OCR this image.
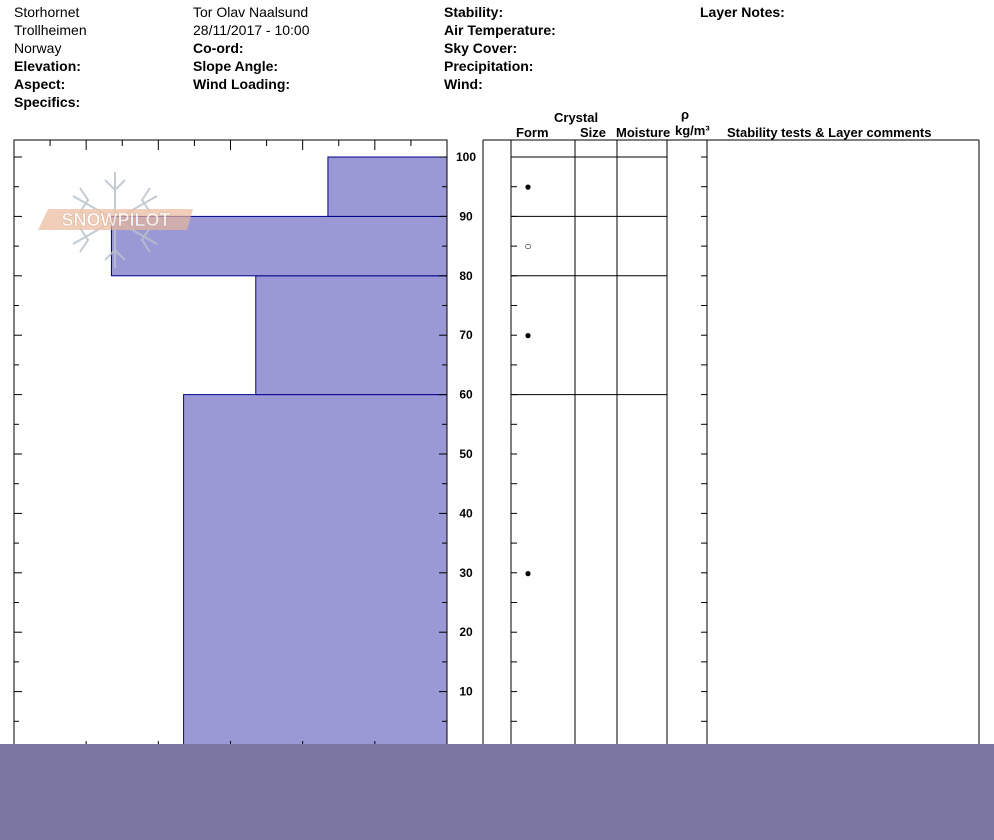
Storhornet
Trollheimen
Norway
Elevation:
Aspect:
Specifics:
Tor Olav Naalsund
28/11/2017 - 10:00
Co-ord:
Slope Angle:
Wind Loading:
Stability:
Air Temperature:
Sky Cover:
Precipitation:
Wind:
Layer Notes:
Crystal
Form Size Moisture
ρ
kg/m³ Stability tests & Layer comments
SNOWPILOT
10
20
30
40
50
60
70
80
90
100
●
○
●
●
